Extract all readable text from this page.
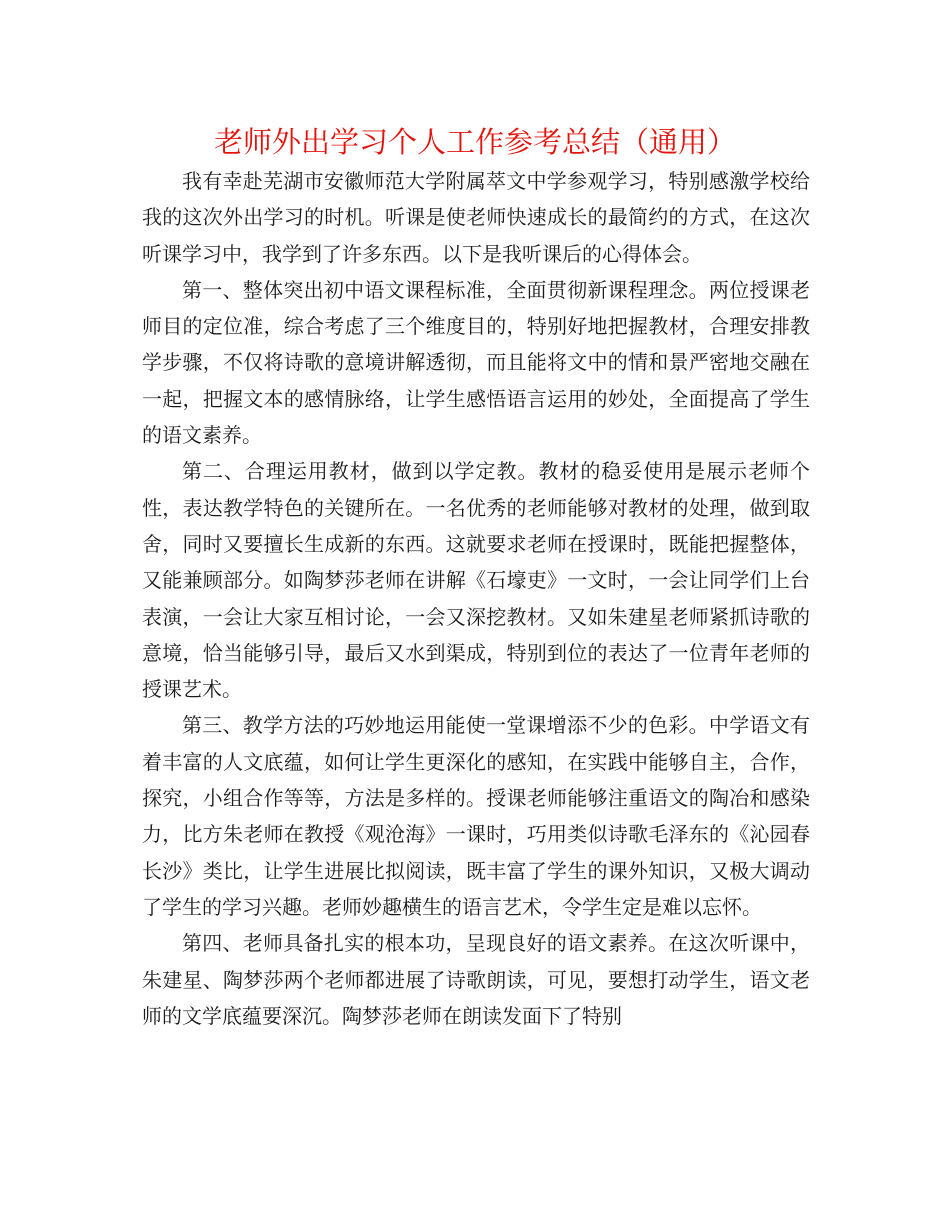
老师外出学习个人工作参考总结（通用）

我有幸赴芜湖市安徽师范大学附属萃文中学参观学习，特别感激学校给我的这次外出学习的时机。听课是使老师快速成长的最简约的方式，在这次听课学习中，我学到了许多东西。以下是我听课后的心得体会。

第一、整体突出初中语文课程标准，全面贯彻新课程理念。两位授课老师目的定位准，综合考虑了三个维度目的，特别好地把握教材，合理安排教学步骤，不仅将诗歌的意境讲解透彻，而且能将文中的情和景严密地交融在一起，把握文本的感情脉络，让学生感悟语言运用的妙处，全面提高了学生的语文素养。

第二、合理运用教材，做到以学定教。教材的稳妥使用是展示老师个性，表达教学特色的关键所在。一名优秀的老师能够对教材的处理，做到取舍，同时又要擅长生成新的东西。这就要求老师在授课时，既能把握整体，又能兼顾部分。如陶梦莎老师在讲解《石壕吏》一文时，一会让同学们上台表演，一会让大家互相讨论，一会又深挖教材。又如朱建星老师紧抓诗歌的意境，恰当能够引导，最后又水到渠成，特别到位的表达了一位青年老师的授课艺术。

第三、教学方法的巧妙地运用能使一堂课增添不少的色彩。中学语文有着丰富的人文底蕴，如何让学生更深化的感知，在实践中能够自主，合作，探究，小组合作等等，方法是多样的。授课老师能够注重语文的陶冶和感染力，比方朱老师在教授《观沧海》一课时，巧用类似诗歌毛泽东的《沁园春 长沙》类比，让学生进展比拟阅读，既丰富了学生的课外知识，又极大调动了学生的学习兴趣。老师妙趣横生的语言艺术，令学生定是难以忘怀。

第四、老师具备扎实的根本功，呈现良好的语文素养。在这次听课中，朱建星、陶梦莎两个老师都进展了诗歌朗读，可见，要想打动学生，语文老师的文学底蕴要深沉。陶梦莎老师在朗读发面下了特别
